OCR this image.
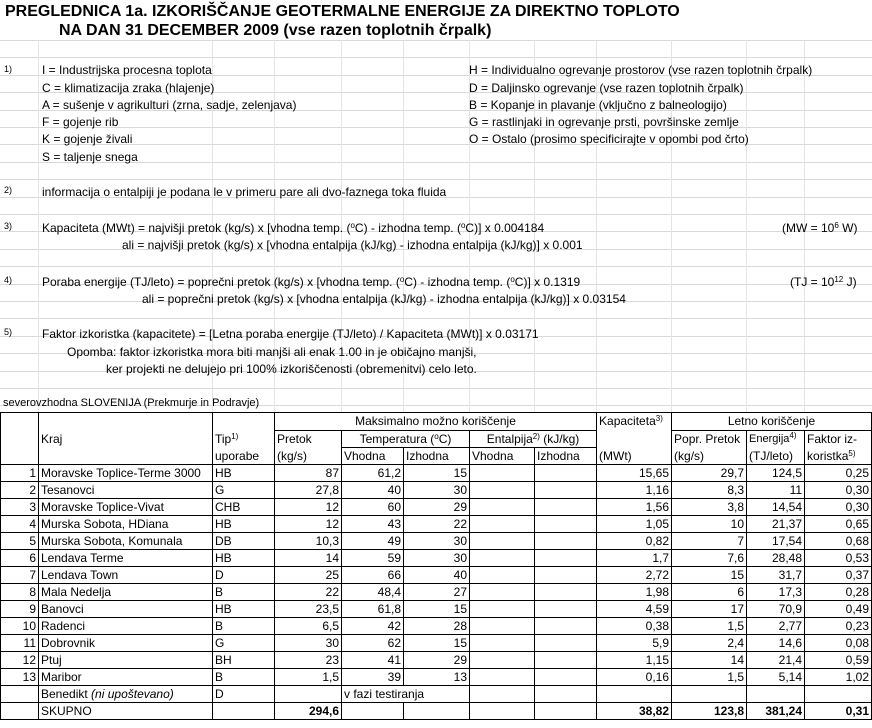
PREGLEDNICA 1a. IZKORIŠČANJE GEOTERMALNE ENERGIJE ZA DIREKTNO TOPLOTO
NA DAN 31 DECEMBER 2009 (vse razen toplotnih črpalk)
1) I = Industrijska procesna toplota
C = klimatizacija zraka (hlajenje)
A = sušenje v agrikulturi (zrna, sadje, zelenjava)
F = gojenje rib
K = gojenje živali
S = taljenje snega
H = Individualno ogrevanje prostorov (vse razen toplotnih črpalk)
D = Daljinsko ogrevanje (vse razen toplotnih črpalk)
B = Kopanje in plavanje (vključno z balneologijo)
G = rastlinjaki in ogrevanje prsti, površinske zemlje
O = Ostalo (prosimo specificirajte v opombi pod črto)
2) informacija o entalpiji je podana le v primeru pare ali dvo-faznega toka fluida
3) Kapaciteta (MWt) = najvišji pretok (kg/s) x [vhodna temp. ($^o$C) - izhodna temp. ($^o$C)] x 0.004184
ali = najvišji pretok (kg/s) x [vhodna entalpija (kJ/kg) - izhodna entalpija (kJ/kg)] x 0.001
($MW = 10^6$ W)
4) Poraba energije (TJ/leto) = poprečni pretok (kg/s) x [vhodna temp. ($^o$C) - izhodna temp. ($^o$C)] x 0.1319
ali = poprečni pretok (kg/s) x [vhodna entalpija (kJ/kg) - izhodna entalpija (kJ/kg)] x 0.03154
($TJ = 10^{12}$ J)
5) Faktor izkoristka (kapacitete) = [Letna poraba energije (TJ/leto) / Kapaciteta (MWt)] x 0.03171
Opomba: faktor izkoristka mora biti manjši ali enak 1.00 in je običajno manjši,
ker projekti ne delujejo pri 100% izkoriščenosti (obremenitvi) celo leto.
severovzhodna SLOVENIJA (Prekmurje in Podravje)
			Maksimalno možno koriščenje					Kapaciteta$^{3)}$	Letno koriščenje		
	Kraj	Tip$^{1)}$	Pretok	Temperatura ($^o$C)		Entalpija$^{2)}$ (kJ/kg)			Popr. Pretok	Energija$^{4)}$	Faktor iz-
		uporabe	(kg/s)	Vhodna	Izhodna	Vhodna	Izhodna	(MWt)	(kg/s)	(TJ/leto)	koristka$^{5)}$
1	Moravske Toplice-Terme 3000	HB	87	61,2	15			15,65	29,7	124,5	0,25
2	Tesanovci	G	27,8	40	30			1,16	8,3	11	0,30
3	Moravske Toplice-Vivat	CHB	12	60	29			1,56	3,8	14,54	0,30
4	Murska Sobota, HDiana	HB	12	43	22			1,05	10	21,37	0,65
5	Murska Sobota, Komunala	DB	10,3	49	30			0,82	7	17,54	0,68
6	Lendava Terme	HB	14	59	30			1,7	7,6	28,48	0,53
7	Lendava Town	D	25	66	40			2,72	15	31,7	0,37
8	Mala Nedelja	B	22	48,4	27			1,98	6	17,3	0,28
9	Banovci	HB	23,5	61,8	15			4,59	17	70,9	0,49
10	Radenci	B	6,5	42	28			0,38	1,5	2,77	0,23
11	Dobrovnik	G	30	62	15			5,9	2,4	14,6	0,08
12	Ptuj	BH	23	41	29			1,15	14	21,4	0,59
13	Maribor	B	1,5	39	13			0,16	1,5	5,14	1,02
	Benedikt (ni upoštevano)	D		v fazi testiranja							
	SKUPNO		294,6					38,82	123,8	381,24	0,31
